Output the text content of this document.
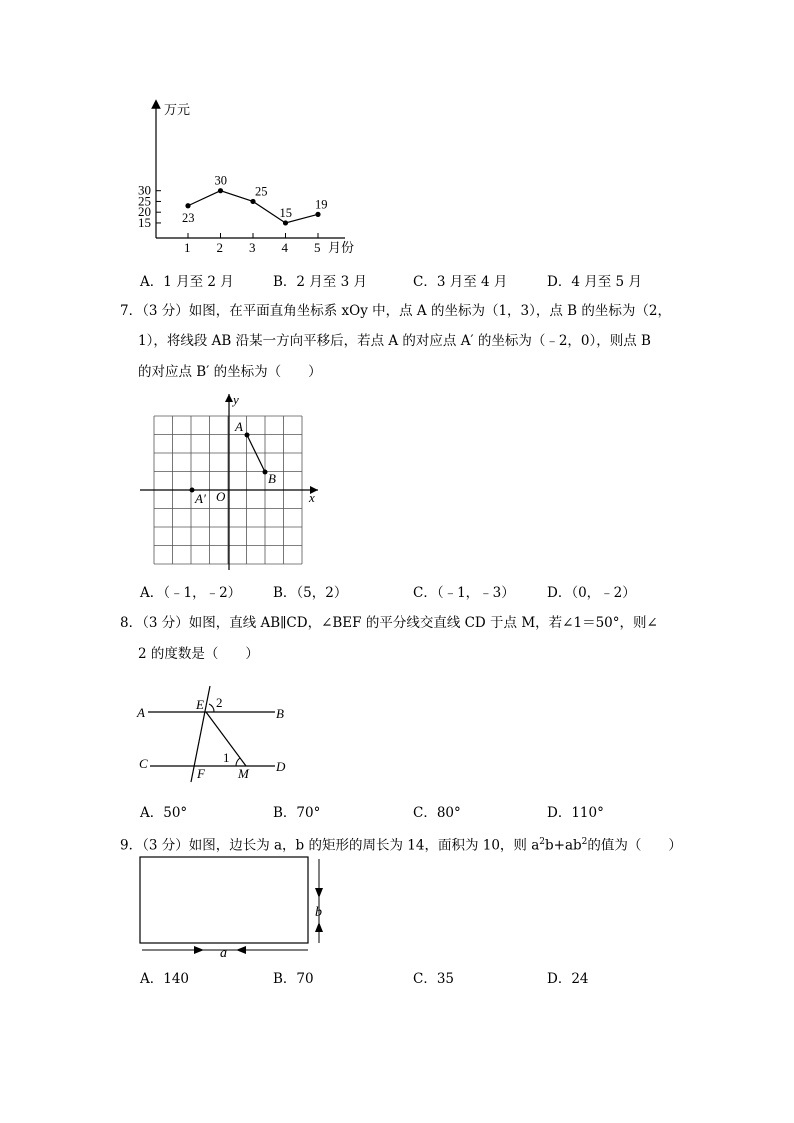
万元
月份
15
20
25
30
1 2 3 4 5
23
30
25
15
19
A．1 月至 2 月	B．2 月至 3 月	C．3 月至 4 月	D．4 月至 5 月
7．（3 分）如图，在平面直角坐标系 xOy 中，点 A 的坐标为（1，3），点 B 的坐标为（2，
1），将线段 AB 沿某一方向平移后，若点 A 的对应点 A′ 的坐标为（﹣2，0），则点 B
的对应点 B′ 的坐标为（　　）
x
y
O
A
B
A′
A．（﹣1，﹣2） B．（5，2）	C．（﹣1，﹣3） D．（0，﹣2）
8．（3 分）如图，直线 AB∥CD，∠BEF 的平分线交直线 CD 于点 M，若∠1＝50°，则∠
2 的度数是（　　）
A	B
C	D
E
F	M
1
2
A．50°	B．70°	C．80°	D．110°
9．（3 分）如图，边长为 a，b 的矩形的周长为 14，面积为 10，则 $a^2b+ab^2$的值为（　　）
a
b
A．140	B．70	C．35	D．24
